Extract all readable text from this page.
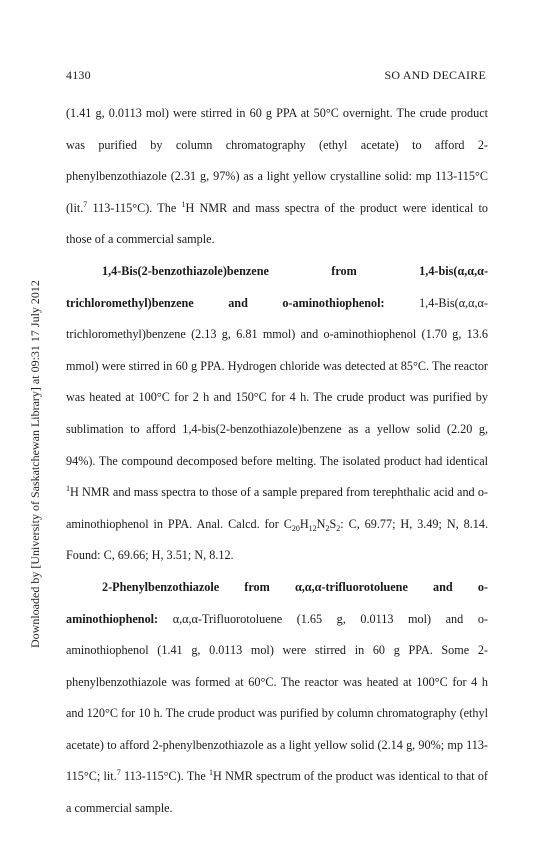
4130	SO AND DECAIRE
Downloaded by [University of Saskatchewan Library] at 09:31 17 July 2012

(1.41 g, 0.0113 mol) were stirred in 60 g PPA at 50°C overnight. The crude product was purified by column chromatography (ethyl acetate) to afford 2-phenylbenzothiazole (2.31 g, 97%) as a light yellow crystalline solid: mp 113-115°C (lit.$^7$ 113-115°C). The $^1$H NMR and mass spectra of the product were identical to those of a commercial sample.

1,4-Bis(2-benzothiazole)benzene from 1,4-bis(α,α,α-trichloromethyl)benzene and o-aminothiophenol: 1,4-Bis(α,α,α-trichloromethyl)benzene (2.13 g, 6.81 mmol) and o-aminothiophenol (1.70 g, 13.6 mmol) were stirred in 60 g PPA. Hydrogen chloride was detected at 85°C. The reactor was heated at 100°C for 2 h and 150°C for 4 h. The crude product was purified by sublimation to afford 1,4-bis(2-benzothiazole)benzene as a yellow solid (2.20 g, 94%). The compound decomposed before melting. The isolated product had identical $^1$H NMR and mass spectra to those of a sample prepared from terephthalic acid and o-aminothiophenol in PPA. Anal. Calcd. for $C_{20}H_{12}N_2S_2$: C, 69.77; H, 3.49; N, 8.14. Found: C, 69.66; H, 3.51; N, 8.12.

2-Phenylbenzothiazole from α,α,α-trifluorotoluene and o-aminothiophenol: α,α,α-Trifluorotoluene (1.65 g, 0.0113 mol) and o-aminothiophenol (1.41 g, 0.0113 mol) were stirred in 60 g PPA. Some 2-phenylbenzothiazole was formed at 60°C. The reactor was heated at 100°C for 4 h and 120°C for 10 h. The crude product was purified by column chromatography (ethyl acetate) to afford 2-phenylbenzothiazole as a light yellow solid (2.14 g, 90%; mp 113-115°C; lit.$^7$ 113-115°C). The $^1$H NMR spectrum of the product was identical to that of a commercial sample.
